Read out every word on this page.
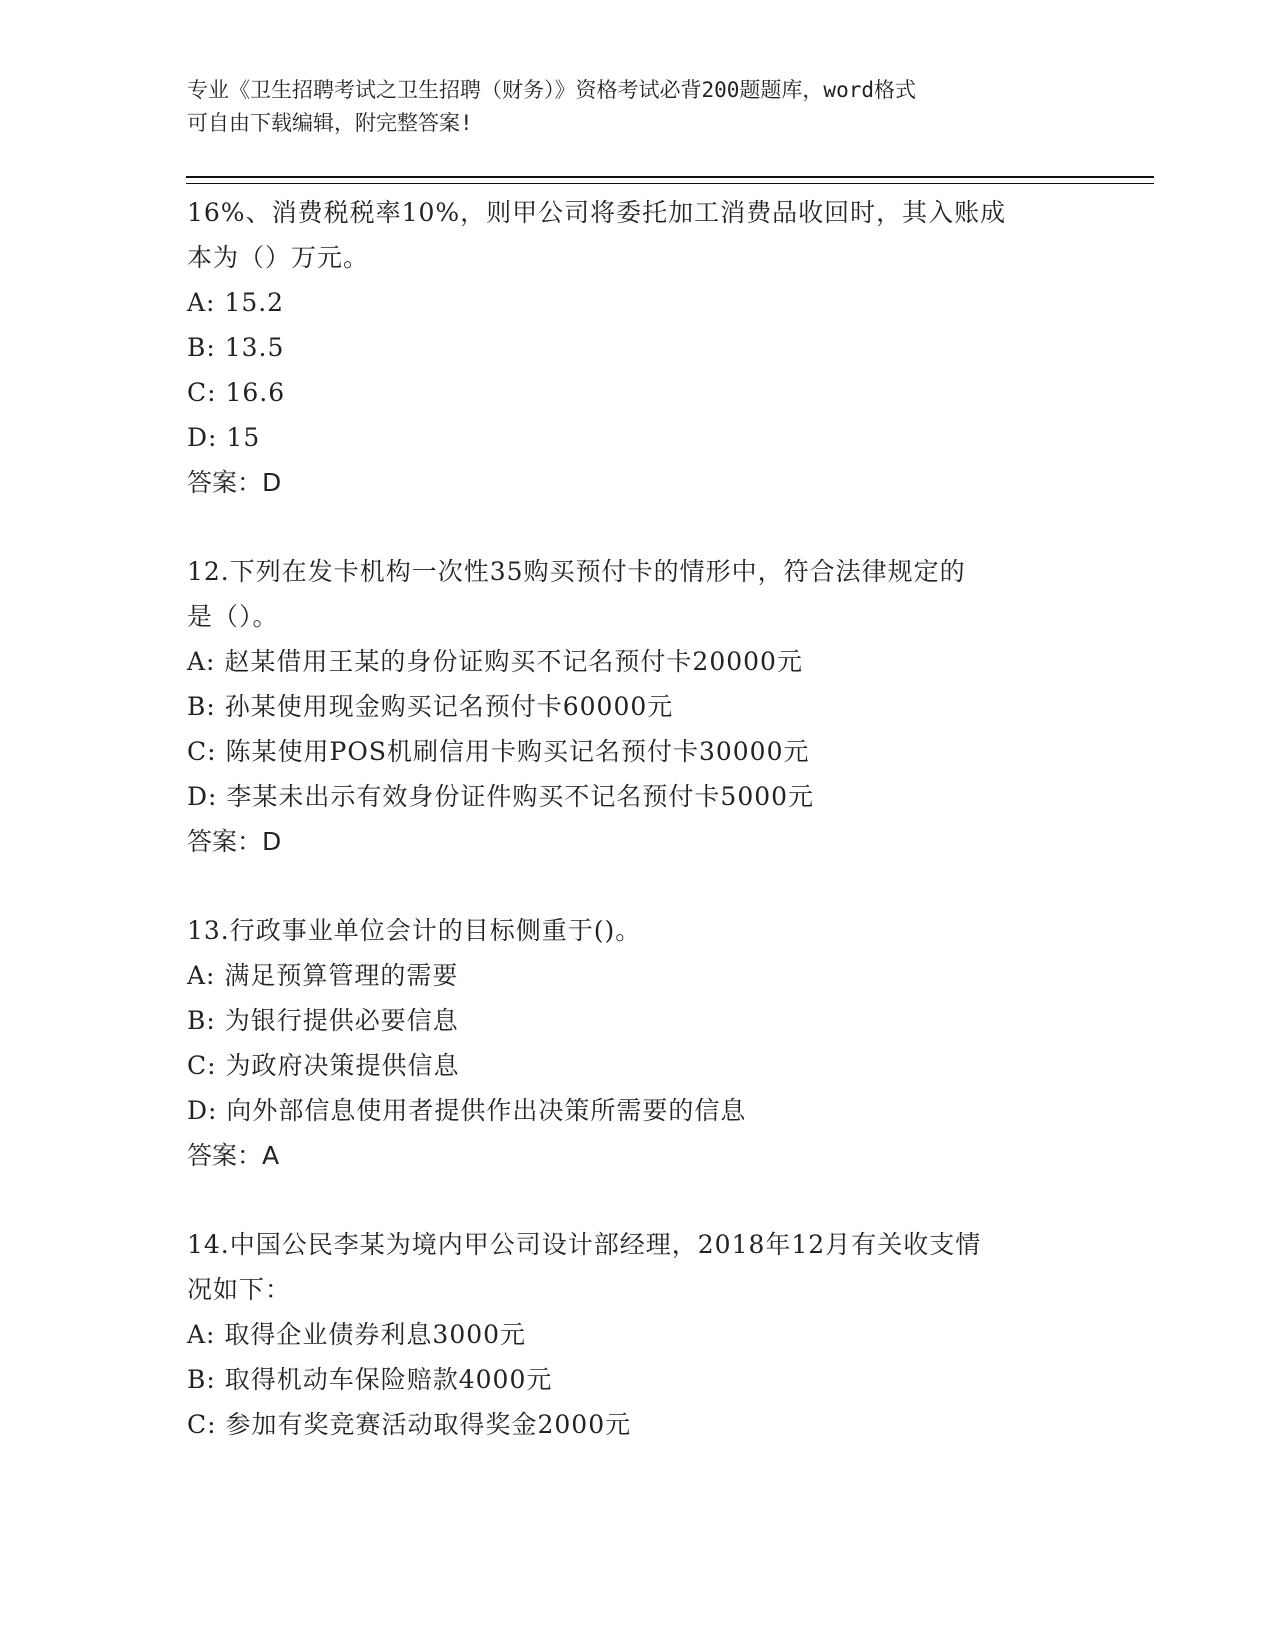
专业《卫生招聘考试之卫生招聘（财务）》资格考试必背200题题库，word格式

可自由下载编辑，附完整答案!

16%、消费税税率10%，则甲公司将委托加工消费品收回时，其入账成
本为（）万元。
A: 15.2
B: 13.5
C: 16.6
D: 15
答案：D
12.下列在发卡机构一次性35购买预付卡的情形中，符合法律规定的
是（）。
A: 赵某借用王某的身份证购买不记名预付卡20000元
B: 孙某使用现金购买记名预付卡60000元
C: 陈某使用POS机刷信用卡购买记名预付卡30000元
D: 李某未出示有效身份证件购买不记名预付卡5000元
答案：D
13.行政事业单位会计的目标侧重于()。
A: 满足预算管理的需要
B: 为银行提供必要信息
C: 为政府决策提供信息
D: 向外部信息使用者提供作出决策所需要的信息
答案：A
14.中国公民李某为境内甲公司设计部经理，2018年12月有关收支情
况如下：
A: 取得企业债券利息3000元
B: 取得机动车保险赔款4000元
C: 参加有奖竞赛活动取得奖金2000元
